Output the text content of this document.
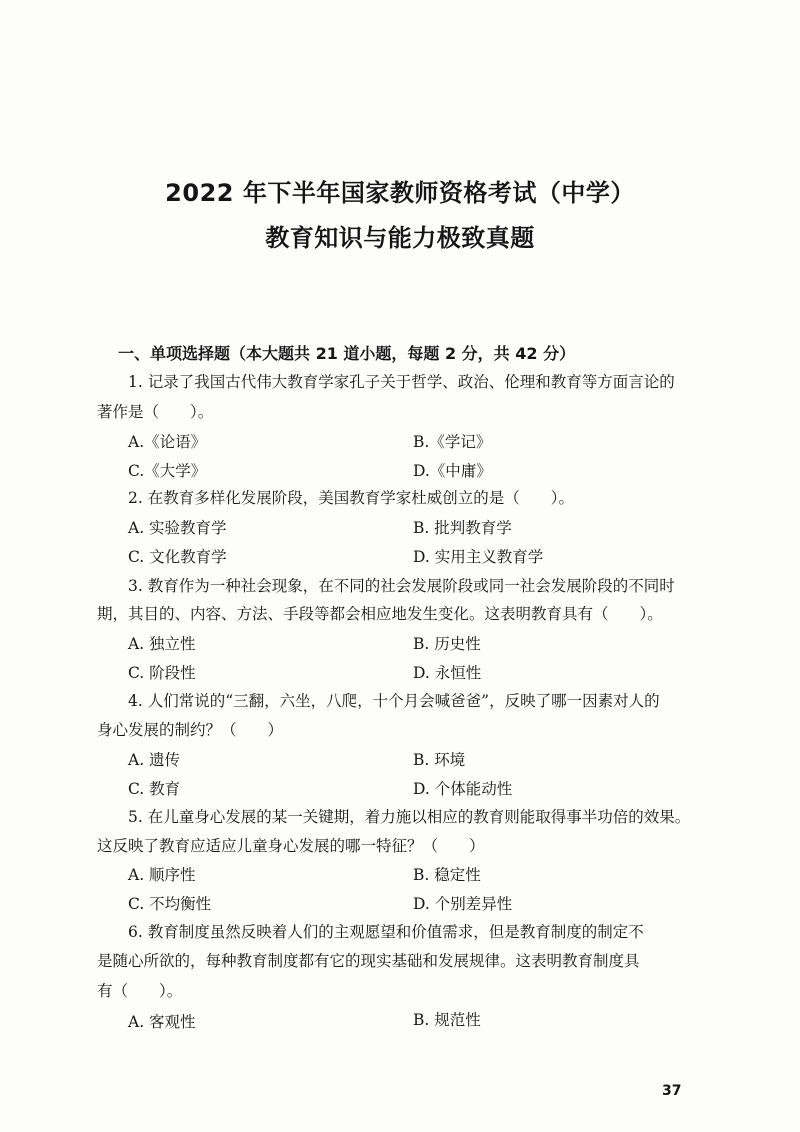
2022 年下半年国家教师资格考试（中学）
教育知识与能力极致真题
一、单项选择题（本大题共 21 道小题，每题 2 分，共 42 分）
1. 记录了我国古代伟大教育学家孔子关于哲学、政治、伦理和教育等方面言论的
著作是（　　）。
A.《论语》	B.《学记》
C.《大学》	D.《中庸》
2. 在教育多样化发展阶段，美国教育学家杜威创立的是（　　）。
A. 实验教育学	B. 批判教育学
C. 文化教育学	D. 实用主义教育学
3. 教育作为一种社会现象，在不同的社会发展阶段或同一社会发展阶段的不同时
期，其目的、内容、方法、手段等都会相应地发生变化。这表明教育具有（　　）。
A. 独立性	B. 历史性
C. 阶段性	D. 永恒性
4. 人们常说的“三翻，六坐，八爬，十个月会喊爸爸”，反映了哪一因素对人的
身心发展的制约？（　　）
A. 遗传	B. 环境
C. 教育	D. 个体能动性
5. 在儿童身心发展的某一关键期，着力施以相应的教育则能取得事半功倍的效果。
这反映了教育应适应儿童身心发展的哪一特征？（　　）
A. 顺序性	B. 稳定性
C. 不均衡性	D. 个别差异性
6. 教育制度虽然反映着人们的主观愿望和价值需求，但是教育制度的制定不
是随心所欲的，每种教育制度都有它的现实基础和发展规律。这表明教育制度具
有（　　）。
A. 客观性	B. 规范性
37
